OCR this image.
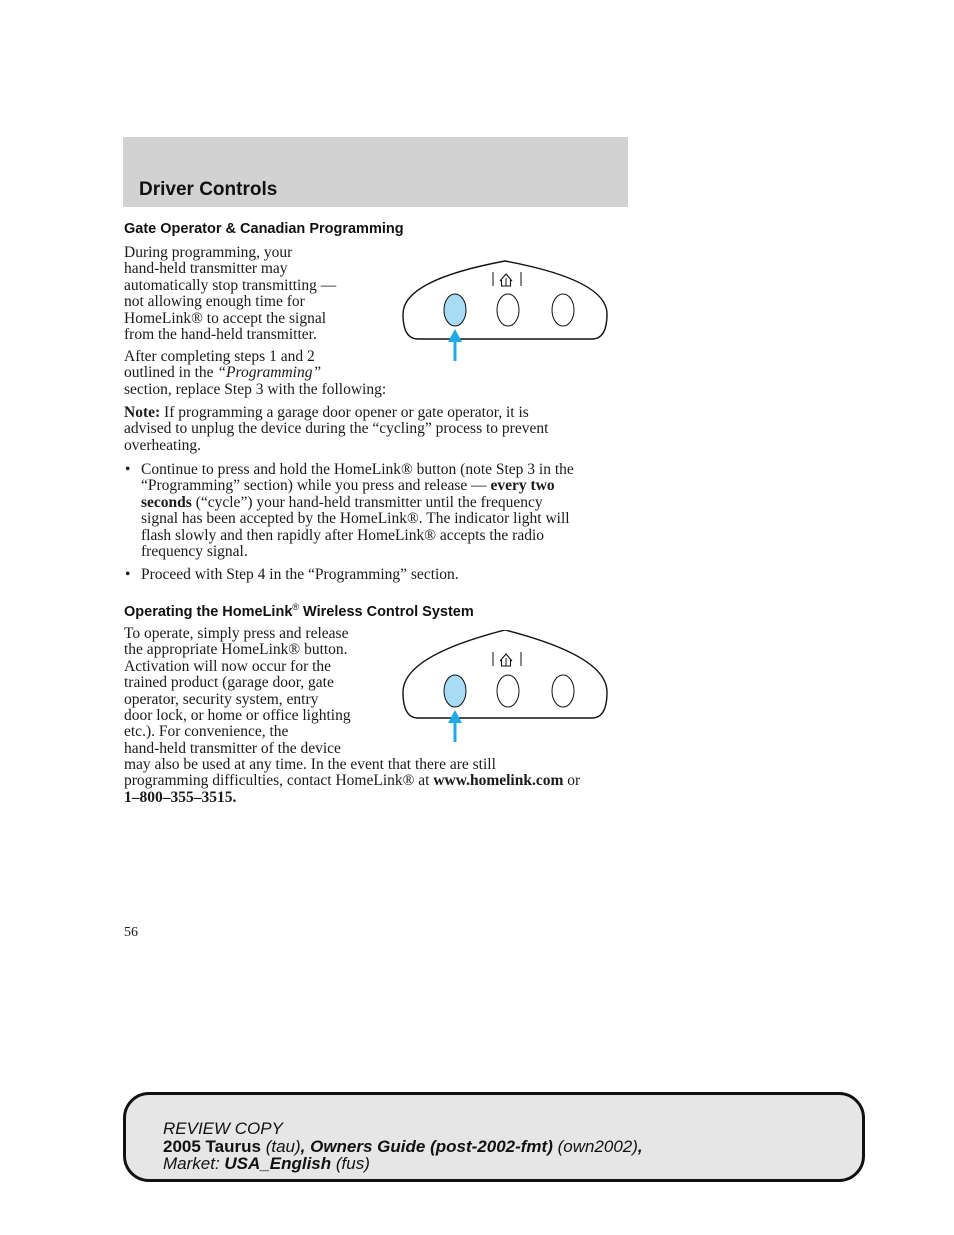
Driver Controls
Gate Operator & Canadian Programming

During programming, your

hand-held transmitter may

automatically stop transmitting —

not allowing enough time for

HomeLink® to accept the signal

from the hand-held transmitter.

After completing steps 1 and 2

outlined in the “Programming”

section, replace Step 3 with the following:

Note: If programming a garage door opener or gate operator, it is

advised to unplug the device during the “cycling” process to prevent

overheating.

• Continue to press and hold the HomeLink® button (note Step 3 in the
“Programming” section) while you press and release — every two
seconds (“cycle”) your hand-held transmitter until the frequency
signal has been accepted by the HomeLink®. The indicator light will
flash slowly and then rapidly after HomeLink® accepts the radio
frequency signal.
• Proceed with Step 4 in the “Programming” section.
Operating the HomeLink® Wireless Control System

To operate, simply press and release

the appropriate HomeLink® button.

Activation will now occur for the

trained product (garage door, gate

operator, security system, entry

door lock, or home or office lighting

etc.). For convenience, the

hand-held transmitter of the device

may also be used at any time. In the event that there are still

programming difficulties, contact HomeLink® at www.homelink.com or

1–800–355–3515.

56
REVIEW COPY
2005 Taurus (tau), Owners Guide (post-2002-fmt) (own2002),
Market: USA_English (fus)
